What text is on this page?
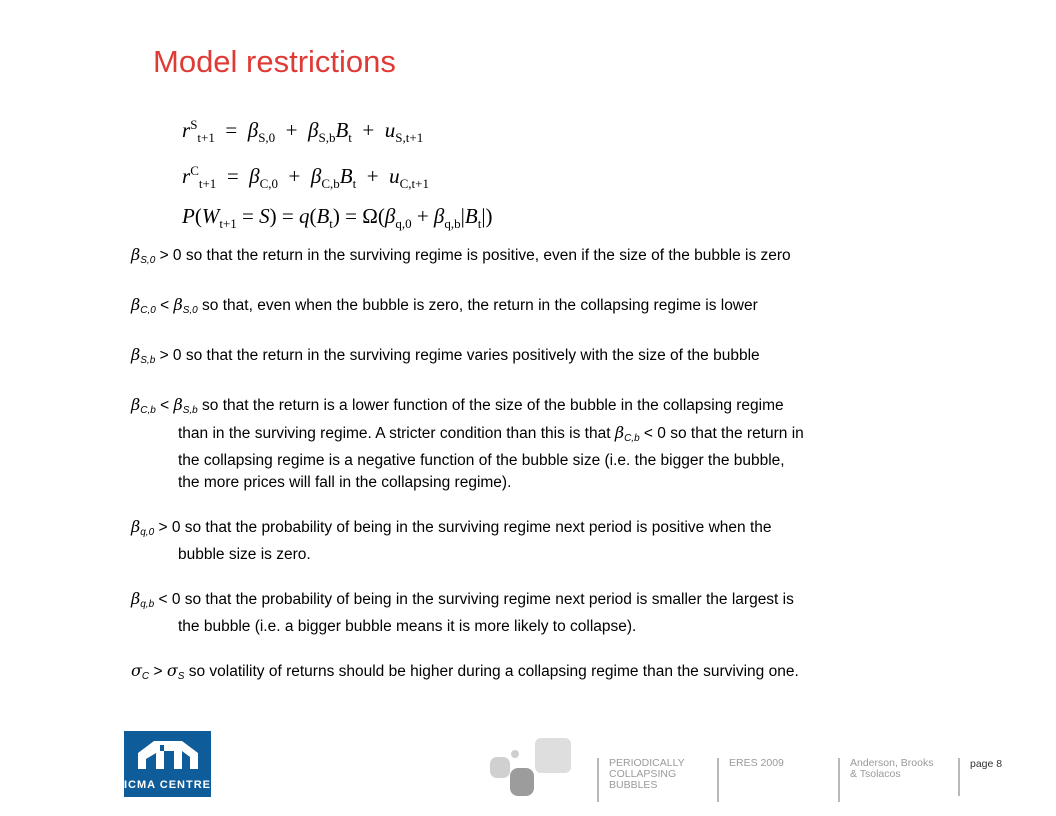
Model restrictions
$r^S_{t+1} = \beta_{S,0} + \beta_{S,b}B_t + u_{S,t+1}$
$r^C_{t+1} = \beta_{C,0} + \beta_{C,b}B_t + u_{C,t+1}$
$P(W_{t+1} = S) = q(B_t) = \Omega(\beta_{q,0} + \beta_{q,b}|B_t|)$
$\beta_{S,0} > 0$ so that the return in the surviving regime is positive, even if the size of the bubble is zero
$\beta_{C,0} < \beta_{S,0}$ so that, even when the bubble is zero, the return in the collapsing regime is lower
$\beta_{S,b} > 0$ so that the return in the surviving regime varies positively with the size of the bubble
$\beta_{C,b} < \beta_{S,b}$ so that the return is a lower function of the size of the bubble in the collapsing regime
than in the surviving regime. A stricter condition than this is that $\beta_{C,b} < 0$ so that the return in
the collapsing regime is a negative function of the bubble size (i.e. the bigger the bubble,
the more prices will fall in the collapsing regime).
$\beta_{q,0} > 0$ so that the probability of being in the surviving regime next period is positive when the
bubble size is zero.
$\beta_{q,b} < 0$ so that the probability of being in the surviving regime next period is smaller the largest is
the bubble (i.e. a bigger bubble means it is more likely to collapse).
$\sigma_C > \sigma_S$ so volatility of returns should be higher during a collapsing regime than the surviving one.
ICMA CENTRE
PERIODICALLY
COLLAPSING
BUBBLES
ERES 2009	Anderson, Brooks
& Tsolacos
page 8
